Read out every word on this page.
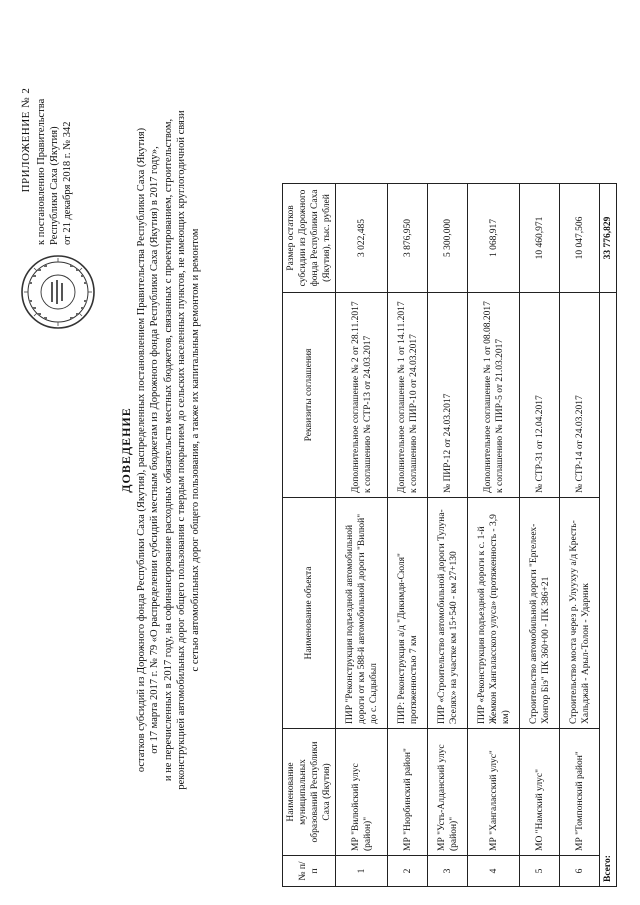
ПРИЛОЖЕНИЕ № 2 к постановлению Правительства Республики Саха (Якутия) от 21 декабря 2018 г. № 342
ДОВЕДЕНИЕ остатков субсидий из Дорожного фонда Республики Саха (Якутия), распределенных постановлением Правительства Республики Саха (Якутия) от 17 марта 2017 г. № 79 «О распределении субсидий местным бюджетам из Дорожного фонда Республики Саха (Якутия) в 2017 году», и не перечисленных в 2017 году, на софинансирование расходных обязательств местных бюджетов, связанных с проектированием, строительством, реконструкцией автомобильных дорог общего пользования с твердым покрытием до сельских населенных пунктов, не имеющих круглогодичной связи с сетью автомобильных дорог общего пользования, а также их капитальным ремонтом и ремонтом
№ п/п	Наименование муниципальных образований Республики Саха (Якутия)	Наименование объекта	Реквизиты соглашения	Размер остатков субсидии из Дорожного фонда Республики Саха (Якутия), тыс. рублей
1	МР "Вилюйский улус (район)"	ПИР "Реконструкция подъездной автомобильной дороги от км 588-й автомобильной дороги "Вилюй" до с. Сыдыбыл	Дополнительное соглашение № 2 от 28.11.2017 к соглашению № СТР-13 от 24.03.2017	3 022,485
2	МР "Нюрбинский район"	ПИР: Реконструкция а/д "Дикимдя-Сюля" протяженностью 7 км	Дополнительное соглашение № 1 от 14.11.2017 к соглашению № ПИР-10 от 24.03.2017	3 876,950
3	МР "Усть-Алданский улус (район)"	ПИР «Строительство автомобильной дороги Тулуна-Эселях» на участке км 15+540 - км 27+130	№ ПИР-12 от 24.03.2017	5 300,000
4	МР "Хангаласский улус"	ПИР «Реконструкция подъездной дороги к с. 1-й Жемкон Хангаласского улуса» (протяженность - 3,9 км)	Дополнительное соглашение № 1 от 08.08.2017 к соглашению № ПИР-5 от 21.03.2017	1 068,917
5	МО "Намский улус"	Строительство автомобильной дороги "Ергелеех-Хонгор Бiэ" ПК 360+00 - ПК 386+21	№ СТР-31 от 12.04.2017	10 460,971
6	МР "Томпонский район"	Строительство моста через р. Улуухуу а/д Кресть-Хальджай - Арыл-Толон - Ударник	№ СТР-14 от 24.03.2017	10 047,506
Всего:				33 776,829
